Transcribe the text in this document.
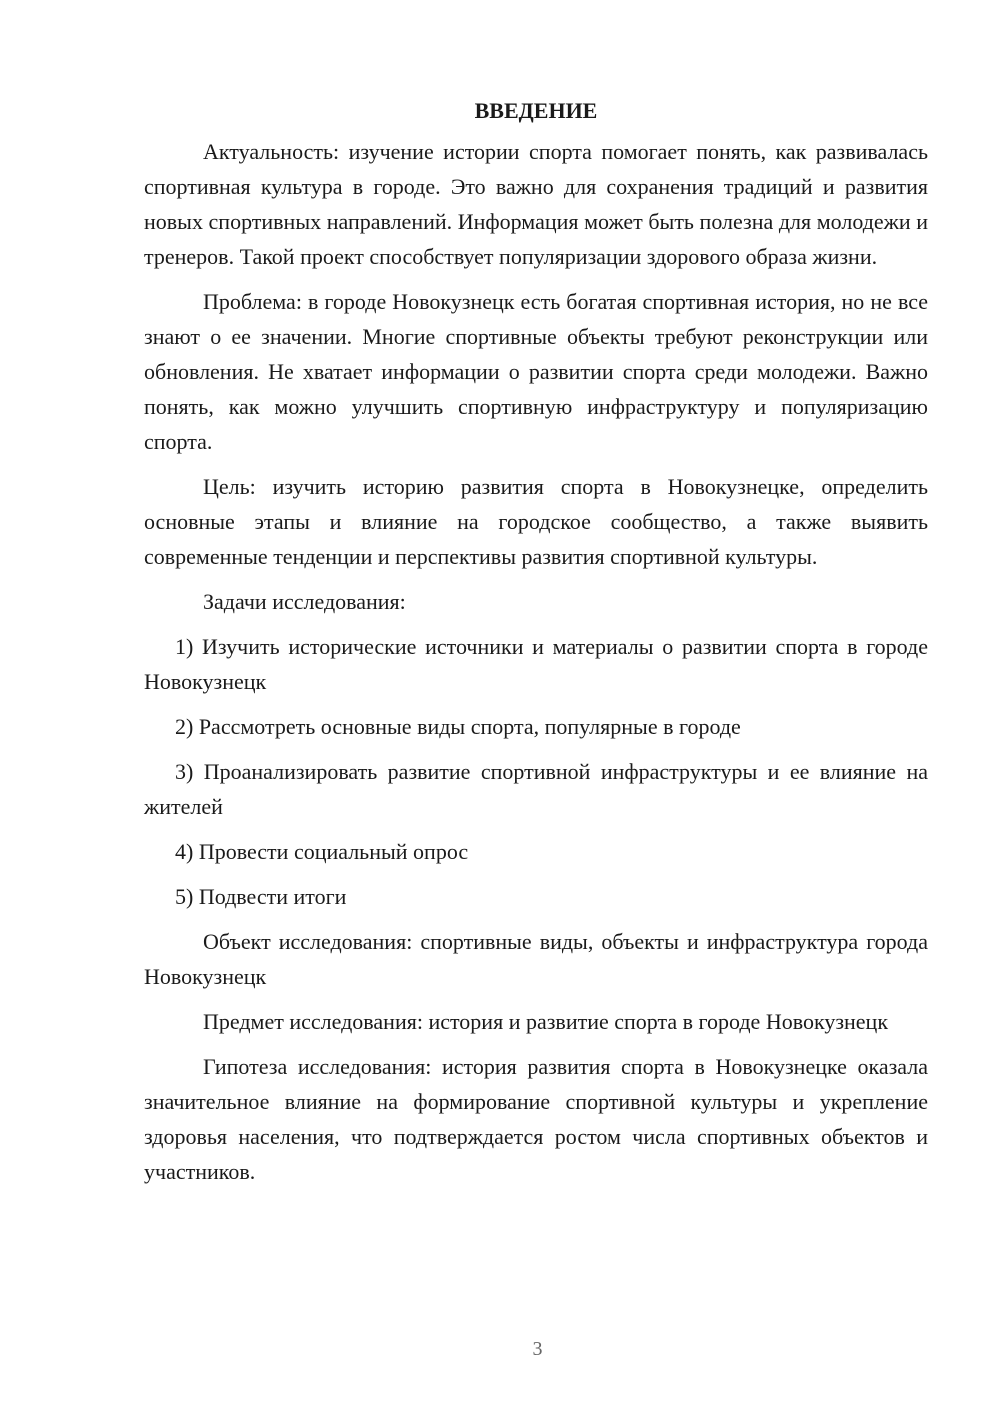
ВВЕДЕНИЕ

Актуальность: изучение истории спорта помогает понять, как развивалась спортивная культура в городе. Это важно для сохранения традиций и развития новых спортивных направлений. Информация может быть полезна для молодежи и тренеров. Такой проект способствует популяризации здорового образа жизни.

Проблема: в городе Новокузнецк есть богатая спортивная история, но не все знают о ее значении. Многие спортивные объекты требуют реконструкции или обновления. Не хватает информации о развитии спорта среди молодежи. Важно понять, как можно улучшить спортивную инфраструктуру и популяризацию спорта.

Цель: изучить историю развития спорта в Новокузнецке, определить основные этапы и влияние на городское сообщество, а также выявить современные тенденции и перспективы развития спортивной культуры.

Задачи исследования:

1) Изучить исторические источники и материалы о развитии спорта в городе Новокузнецк

2) Рассмотреть основные виды спорта, популярные в городе

3) Проанализировать развитие спортивной инфраструктуры и ее влияние на жителей

4) Провести социальный опрос

5) Подвести итоги

Объект исследования: спортивные виды, объекты и инфраструктура города Новокузнецк

Предмет исследования: история и развитие спорта в городе Новокузнецк

Гипотеза исследования: история развития спорта в Новокузнецке оказала значительное влияние на формирование спортивной культуры и укрепление здоровья населения, что подтверждается ростом числа спортивных объектов и участников.

3
